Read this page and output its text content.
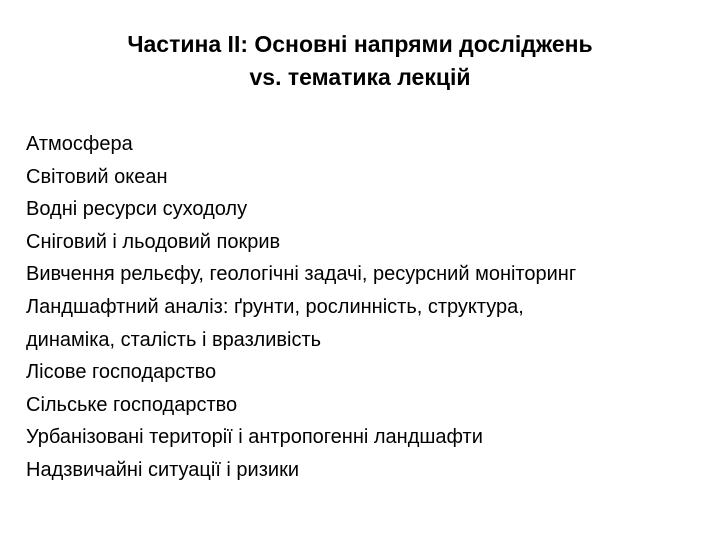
Частина ІІ: Основні напрями досліджень
vs. тематика лекцій
Атмосфера
Світовий океан
Водні ресурси суходолу
Сніговий і льодовий покрив
Вивчення рельєфу, геологічні задачі, ресурсний моніторинг
Ландшафтний аналіз: ґрунти, рослинність, структура,
динаміка, сталість і вразливість
Лісове господарство
Сільське господарство
Урбанізовані території і антропогенні ландшафти
Надзвичайні ситуації і ризики
